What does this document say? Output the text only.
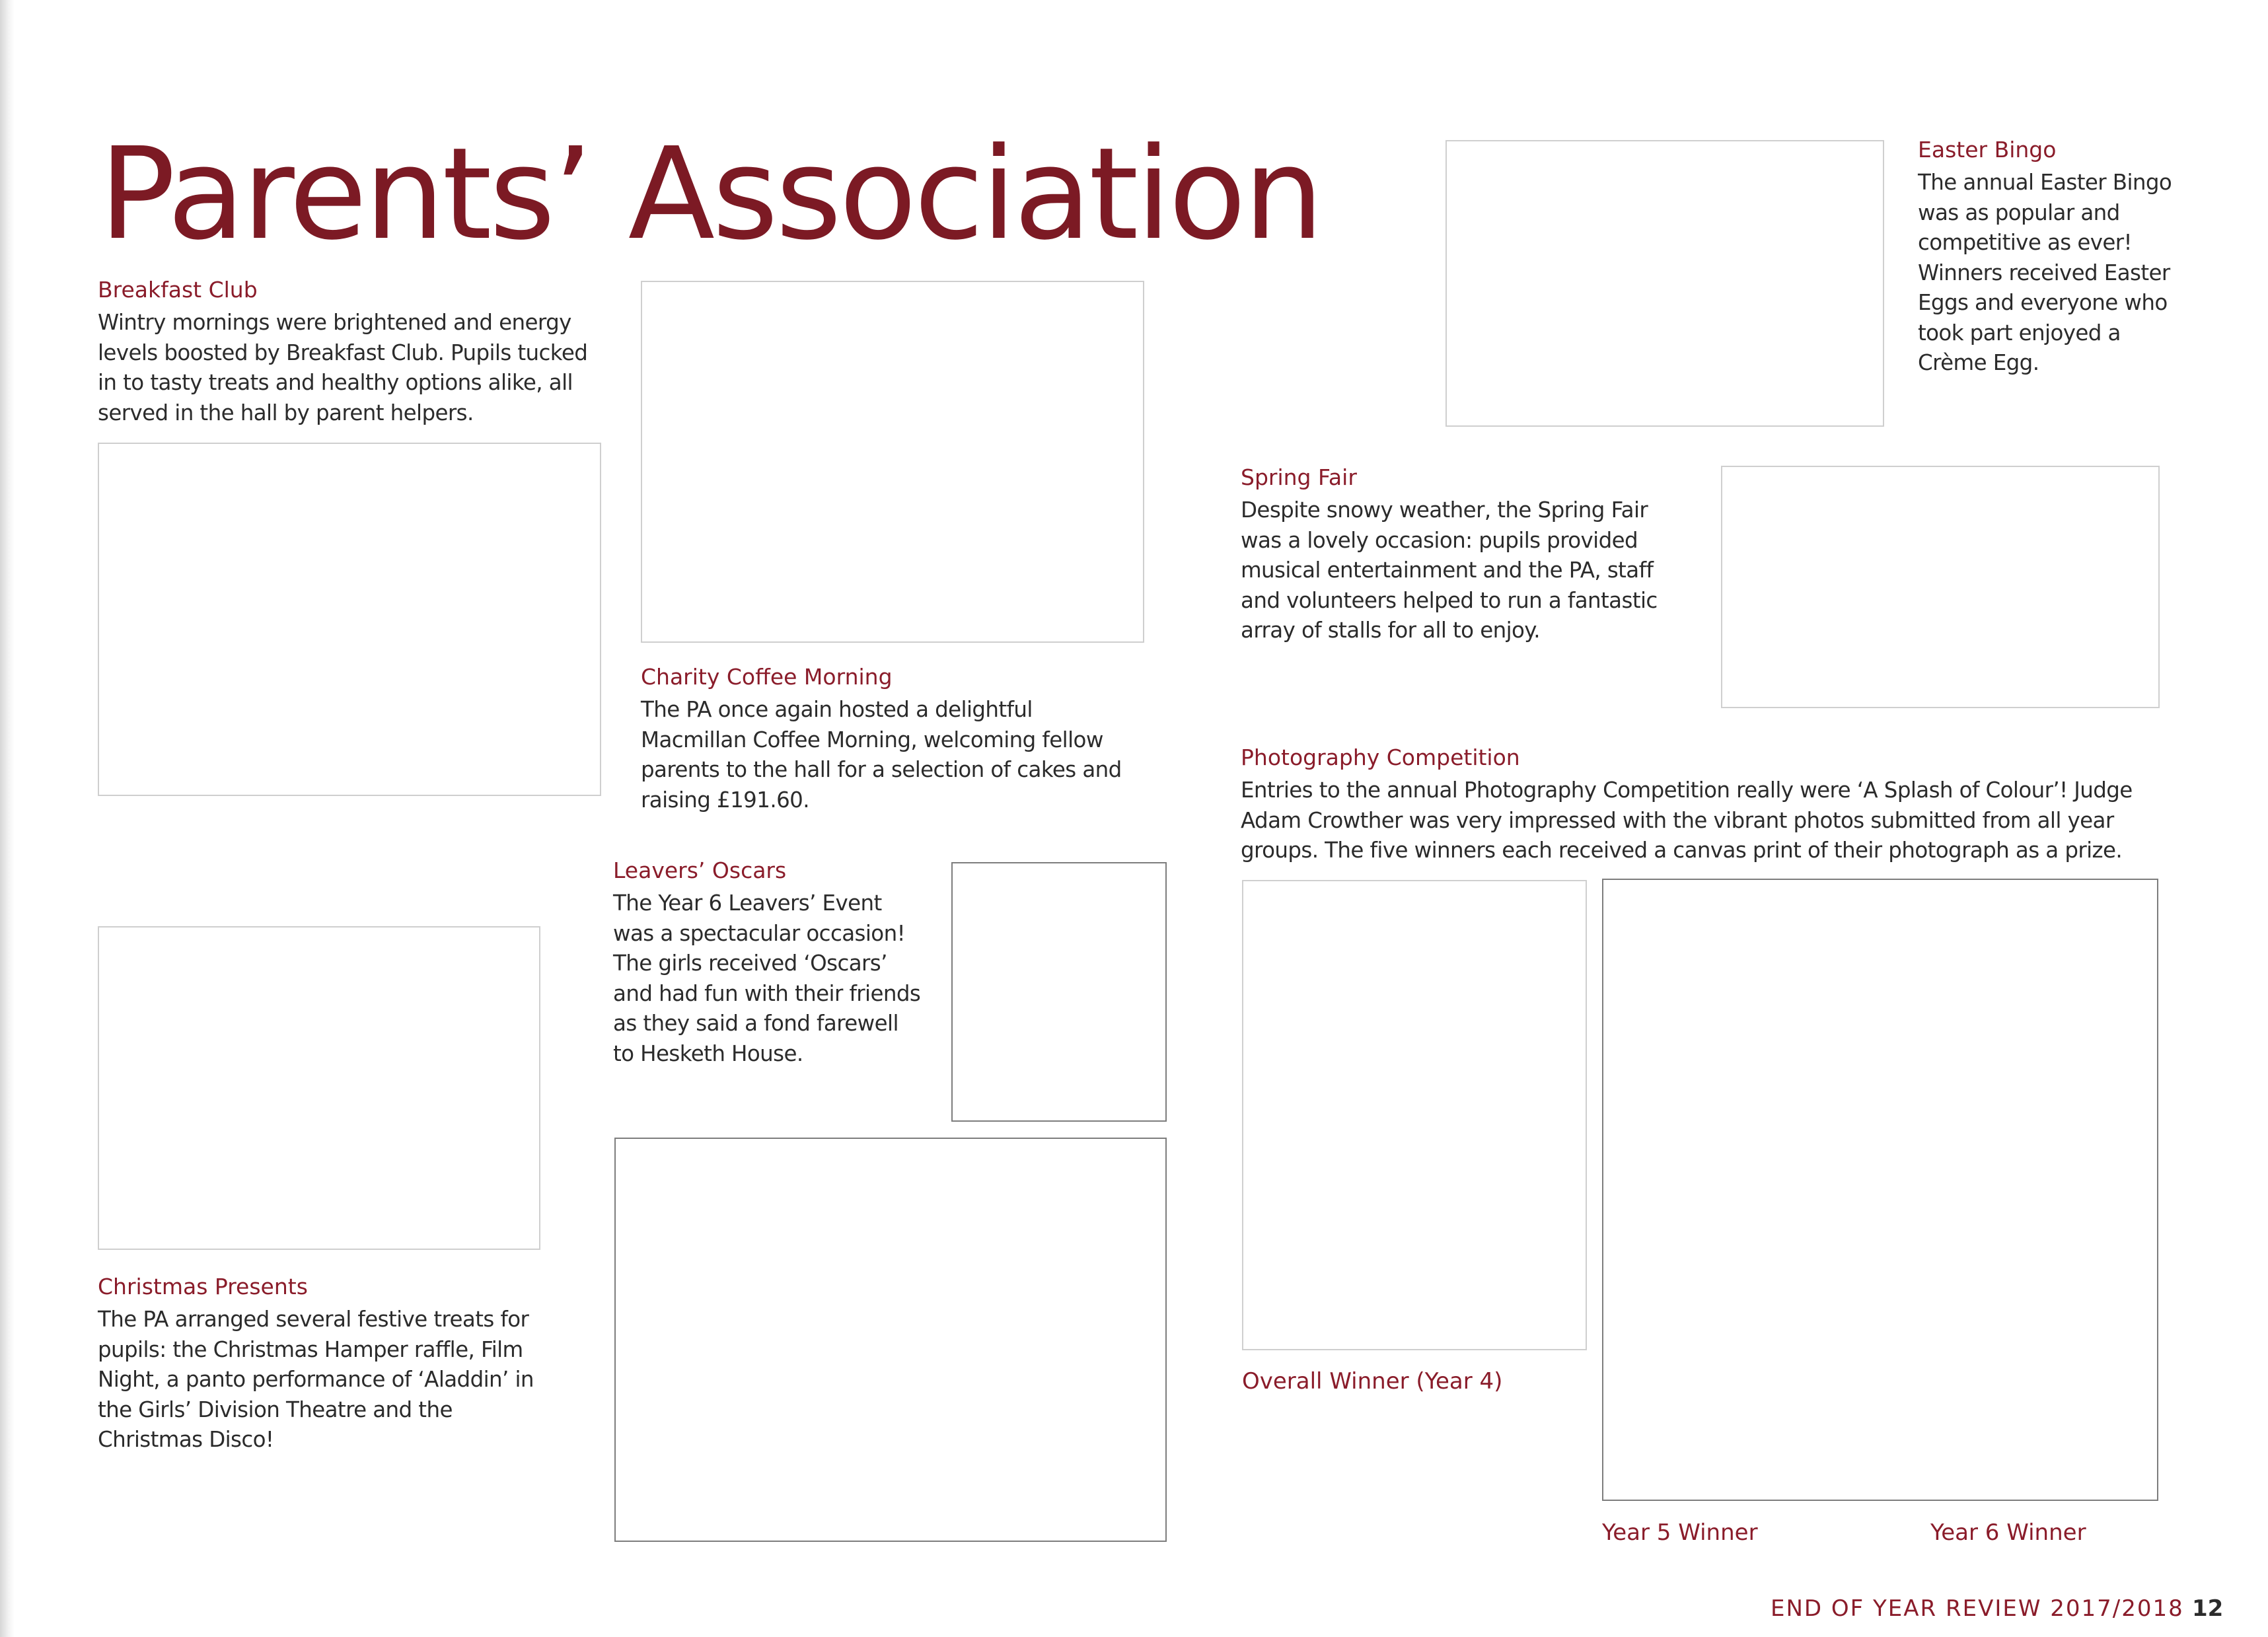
Parents’ Association
Breakfast Club

Wintry mornings were brightened and energy levels boosted by Breakfast Club. Pupils tucked in to tasty treats and healthy options alike, all served in the hall by parent helpers.

Charity Coffee Morning

The PA once again hosted a delightful Macmillan Coffee Morning, welcoming fellow parents to the hall for a selection of cakes and raising £191.60.

Christmas Presents

The PA arranged several festive treats for pupils: the Christmas Hamper raffle, Film Night, a panto performance of ‘Aladdin’ in the Girls’ Division Theatre and the Christmas Disco!

Leavers’ Oscars

The Year 6 Leavers’ Event was a spectacular occasion! The girls received ‘Oscars’ and had fun with their friends as they said a fond farewell to Hesketh House.

Easter Bingo

The annual Easter Bingo was as popular and competitive as ever! Winners received Easter Eggs and everyone who took part enjoyed a Crème Egg.

Spring Fair

Despite snowy weather, the Spring Fair was a lovely occasion: pupils provided musical entertainment and the PA, staff and volunteers helped to run a fantastic array of stalls for all to enjoy.

Photography Competition

Entries to the annual Photography Competition really were ‘A Splash of Colour’! Judge Adam Crowther was very impressed with the vibrant photos submitted from all year groups. The five winners each received a canvas print of their photograph as a prize.

Overall Winner (Year 4)
Year 5 Winner	Year 6 Winner
END OF YEAR REVIEW 2017/2018 12
